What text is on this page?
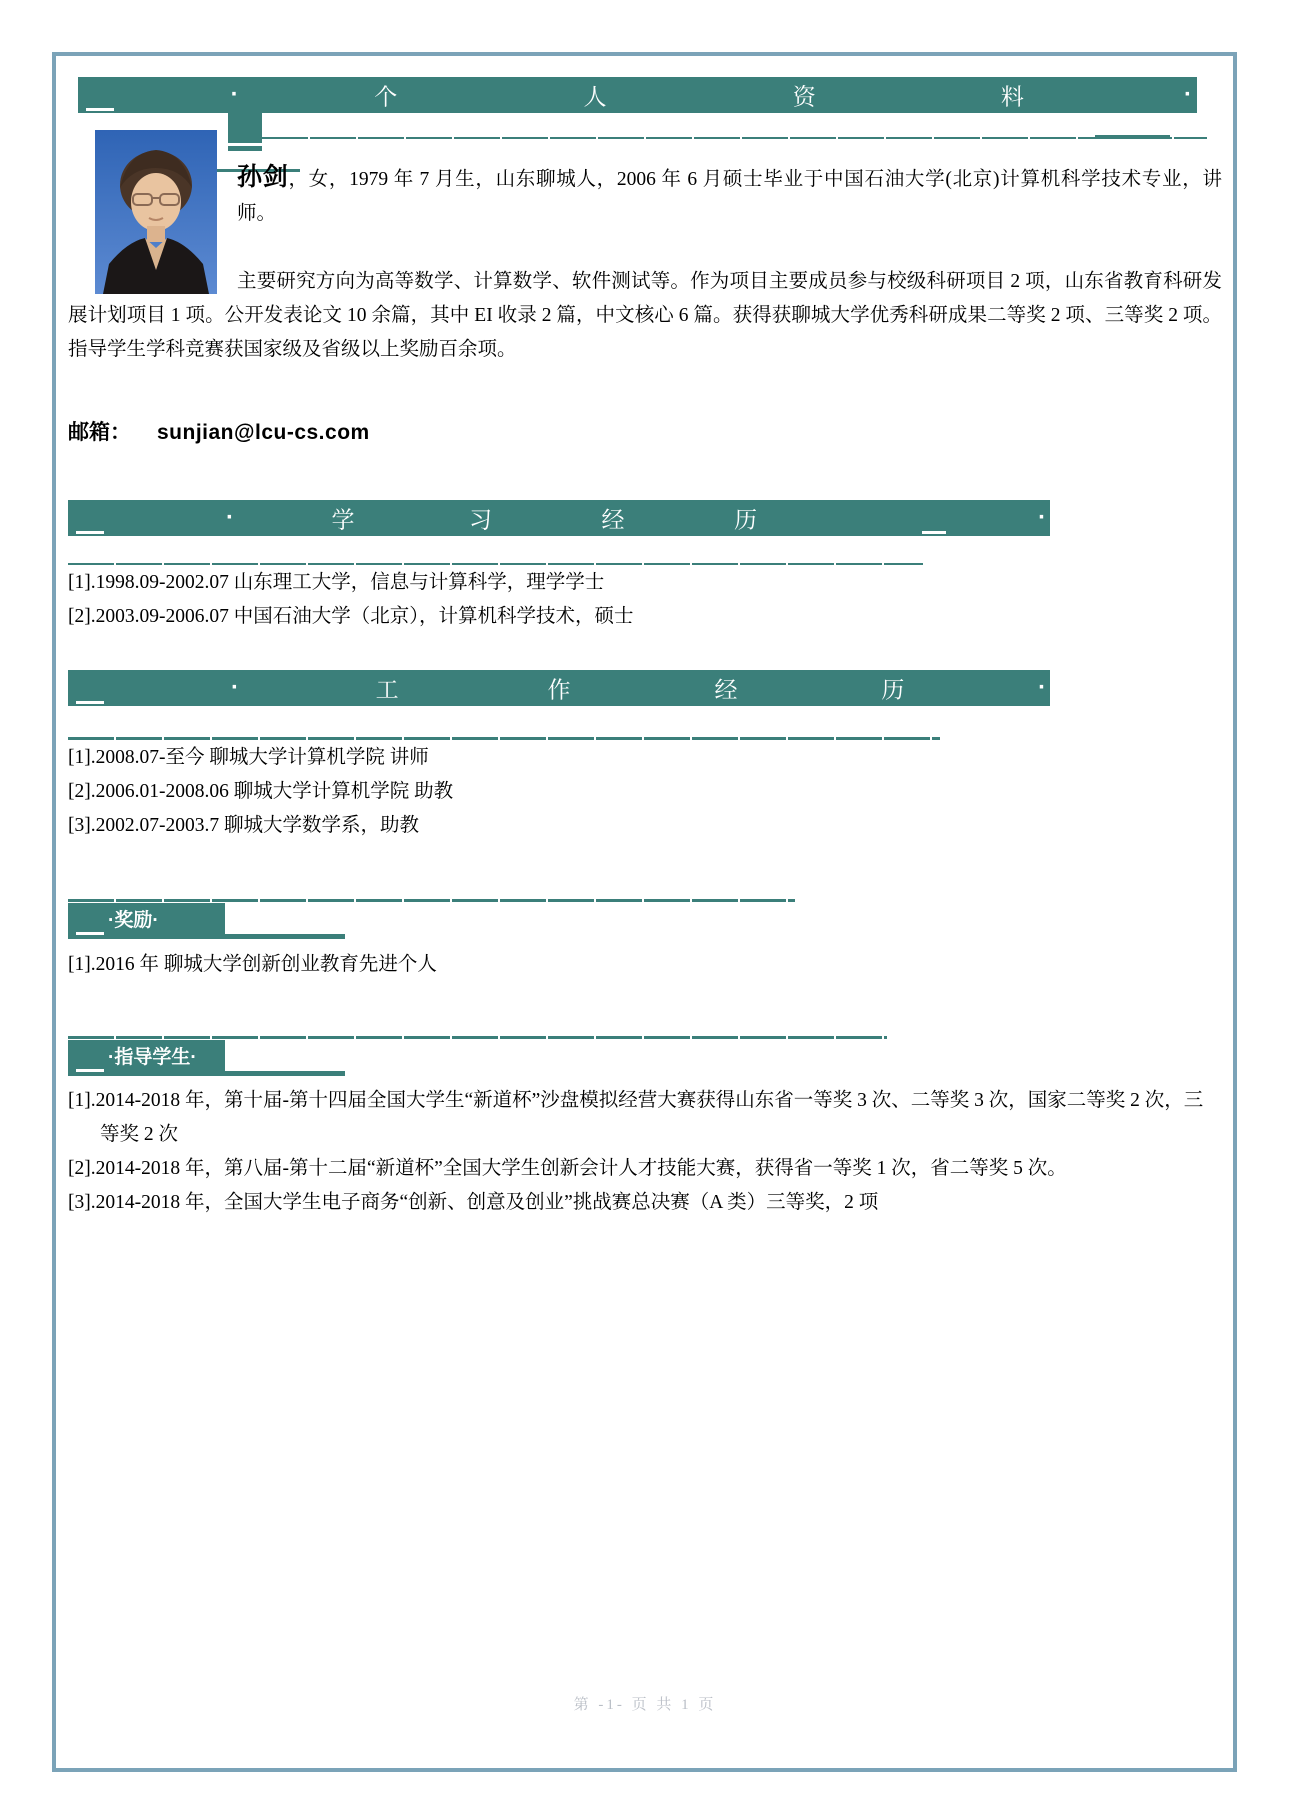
·	个	人	资	料	·

孙剑，女，1979 年 7 月生，山东聊城人，2006 年 6 月硕士毕业于中国石油大学(北京)计算机科学技术专业，讲师。

主要研究方向为高等数学、计算数学、软件测试等。作为项目主要成员参与校级科研项目 2 项，山东省教育科研发展计划项目 1 项。公开发表论文 10 余篇，其中 EI 收录 2 篇，中文核心 6 篇。获得获聊城大学优秀科研成果二等奖 2 项、三等奖 2 项。指导学生学科竞赛获国家级及省级以上奖励百余项。

邮箱： sunjian@lcu-cs.com
·	学	习	经	历	·
[1].1998.09-2002.07 山东理工大学，信息与计算科学，理学学士
[2].2003.09-2006.07 中国石油大学（北京），计算机科学技术，硕士
·	工	作	经	历	·
[1].2008.07-至今 聊城大学计算机学院 讲师
[2].2006.01-2008.06 聊城大学计算机学院 助教
[3].2002.07-2003.7 聊城大学数学系，助教
·奖励·
[1].2016 年 聊城大学创新创业教育先进个人
·指导学生·
[1].2014-2018 年，第十届-第十四届全国大学生“新道杯”沙盘模拟经营大赛获得山东省一等奖 3 次、二等奖 3 次，国家二等奖 2 次，三等奖 2 次
[2].2014-2018 年，第八届-第十二届“新道杯”全国大学生创新会计人才技能大赛，获得省一等奖 1 次，省二等奖 5 次。
[3].2014-2018 年，全国大学生电子商务“创新、创意及创业”挑战赛总决赛（A 类）三等奖，2 项
第 -1- 页 共 1 页
